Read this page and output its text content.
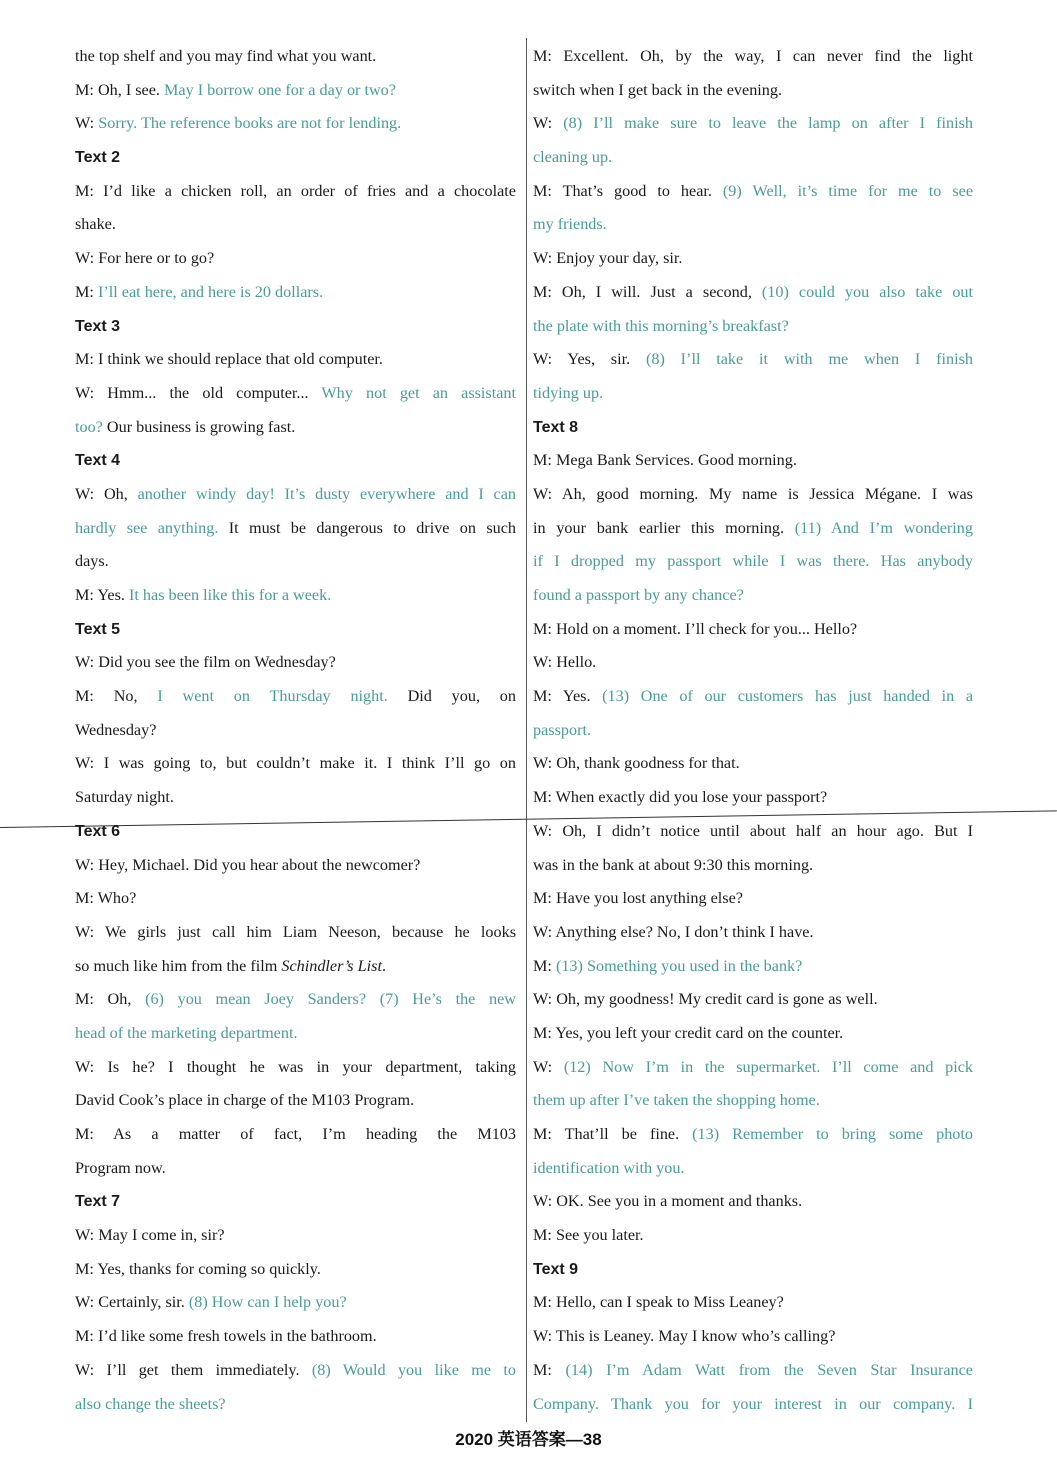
the top shelf and you may find what you want.
M: Oh, I see. May I borrow one for a day or two?
W: Sorry. The reference books are not for lending.
Text 2
M: I’d like a chicken roll, an order of fries and a chocolate
shake.
W: For here or to go?
M: I’ll eat here, and here is 20 dollars.
Text 3
M: I think we should replace that old computer.
W: Hmm... the old computer... Why not get an assistant
too? Our business is growing fast.
Text 4
W: Oh, another windy day! It’s dusty everywhere and I can
hardly see anything. It must be dangerous to drive on such
days.
M: Yes. It has been like this for a week.
Text 5
W: Did you see the film on Wednesday?
M: No, I went on Thursday night. Did you, on
Wednesday?
W: I was going to, but couldn’t make it. I think I’ll go on
Saturday night.
Text 6
W: Hey, Michael. Did you hear about the newcomer?
M: Who?
W: We girls just call him Liam Neeson, because he looks
so much like him from the film Schindler’s List.
M: Oh, (6) you mean Joey Sanders? (7) He’s the new
head of the marketing department.
W: Is he? I thought he was in your department, taking
David Cook’s place in charge of the M103 Program.
M: As a matter of fact, I’m heading the M103
Program now.
Text 7
W: May I come in, sir?
M: Yes, thanks for coming so quickly.
W: Certainly, sir. (8) How can I help you?
M: I’d like some fresh towels in the bathroom.
W: I’ll get them immediately. (8) Would you like me to
also change the sheets?
M: Excellent. Oh, by the way, I can never find the light
switch when I get back in the evening.
W: (8) I’ll make sure to leave the lamp on after I finish
cleaning up.
M: That’s good to hear. (9) Well, it’s time for me to see
my friends.
W: Enjoy your day, sir.
M: Oh, I will. Just a second, (10) could you also take out
the plate with this morning’s breakfast?
W: Yes, sir. (8) I’ll take it with me when I finish
tidying up.
Text 8
M: Mega Bank Services. Good morning.
W: Ah, good morning. My name is Jessica Mégane. I was
in your bank earlier this morning. (11) And I’m wondering
if I dropped my passport while I was there. Has anybody
found a passport by any chance?
M: Hold on a moment. I’ll check for you... Hello?
W: Hello.
M: Yes. (13) One of our customers has just handed in a
passport.
W: Oh, thank goodness for that.
M: When exactly did you lose your passport?
W: Oh, I didn’t notice until about half an hour ago. But I
was in the bank at about 9:30 this morning.
M: Have you lost anything else?
W: Anything else? No, I don’t think I have.
M: (13) Something you used in the bank?
W: Oh, my goodness! My credit card is gone as well.
M: Yes, you left your credit card on the counter.
W: (12) Now I’m in the supermarket. I’ll come and pick
them up after I’ve taken the shopping home.
M: That’ll be fine. (13) Remember to bring some photo
identification with you.
W: OK. See you in a moment and thanks.
M: See you later.
Text 9
M: Hello, can I speak to Miss Leaney?
W: This is Leaney. May I know who’s calling?
M: (14) I’m Adam Watt from the Seven Star Insurance
Company. Thank you for your interest in our company. I
2020 英语答案—38
